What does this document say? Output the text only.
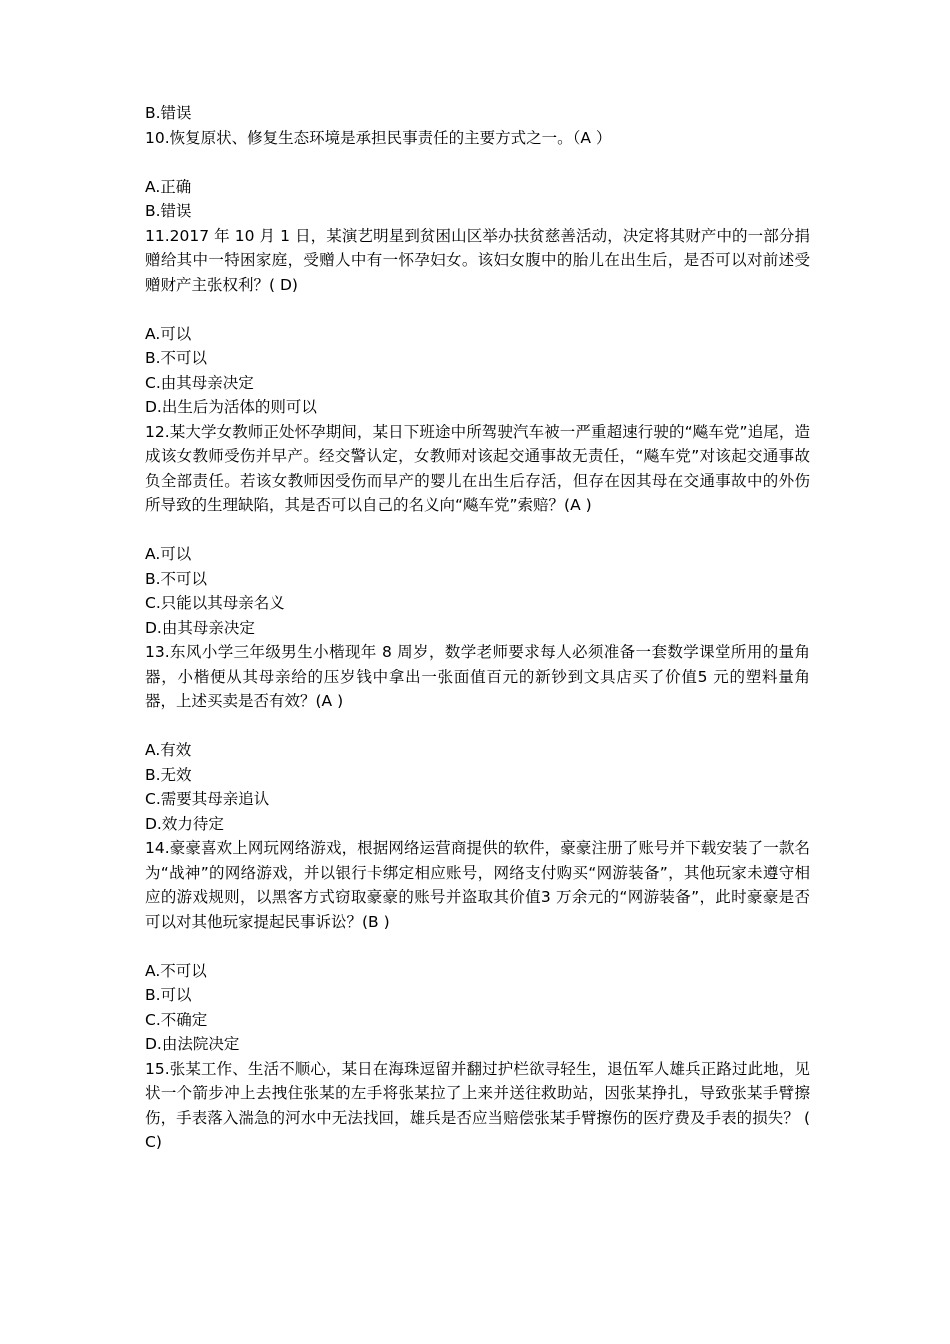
B.错误
10.恢复原状、修复生态环境是承担民事责任的主要方式之一。（A ）
A.正确
B.错误
11.2017 年 10 月 1 日，某演艺明星到贫困山区举办扶贫慈善活动，决定将其财产中的一部分捐赠给其中一特困家庭，受赠人中有一怀孕妇女。该妇女腹中的胎儿在出生后，是否可以对前述受赠财产主张权利？( D)
A.可以
B.不可以
C.由其母亲决定
D.出生后为活体的则可以
12.某大学女教师正处怀孕期间，某日下班途中所驾驶汽车被一严重超速行驶的“飚车党”追尾，造成该女教师受伤并早产。经交警认定，女教师对该起交通事故无责任，“飚车党”对该起交通事故负全部责任。若该女教师因受伤而早产的婴儿在出生后存活，但存在因其母在交通事故中的外伤所导致的生理缺陷，其是否可以自己的名义向“飚车党”索赔？(A )
A.可以
B.不可以
C.只能以其母亲名义
D.由其母亲决定
13.东风小学三年级男生小楷现年 8 周岁，数学老师要求每人必须准备一套数学课堂所用的量角器，小楷便从其母亲给的压岁钱中拿出一张面值百元的新钞到文具店买了价值5 元的塑料量角器，上述买卖是否有效？(A )
A.有效
B.无效
C.需要其母亲追认
D.效力待定
14.豪豪喜欢上网玩网络游戏，根据网络运营商提供的软件，豪豪注册了账号并下载安装了一款名为“战神”的网络游戏，并以银行卡绑定相应账号，网络支付购买“网游装备”，其他玩家未遵守相应的游戏规则，以黑客方式窃取豪豪的账号并盗取其价值3 万余元的“网游装备”，此时豪豪是否可以对其他玩家提起民事诉讼？(B )
A.不可以
B.可以
C.不确定
D.由法院决定
15.张某工作、生活不顺心，某日在海珠逗留并翻过护栏欲寻轻生，退伍军人雄兵正路过此地，见状一个箭步冲上去拽住张某的左手将张某拉了上来并送往救助站，因张某挣扎，导致张某手臂擦伤，手表落入湍急的河水中无法找回，雄兵是否应当赔偿张某手臂擦伤的医疗费及手表的损失？ ( C)
